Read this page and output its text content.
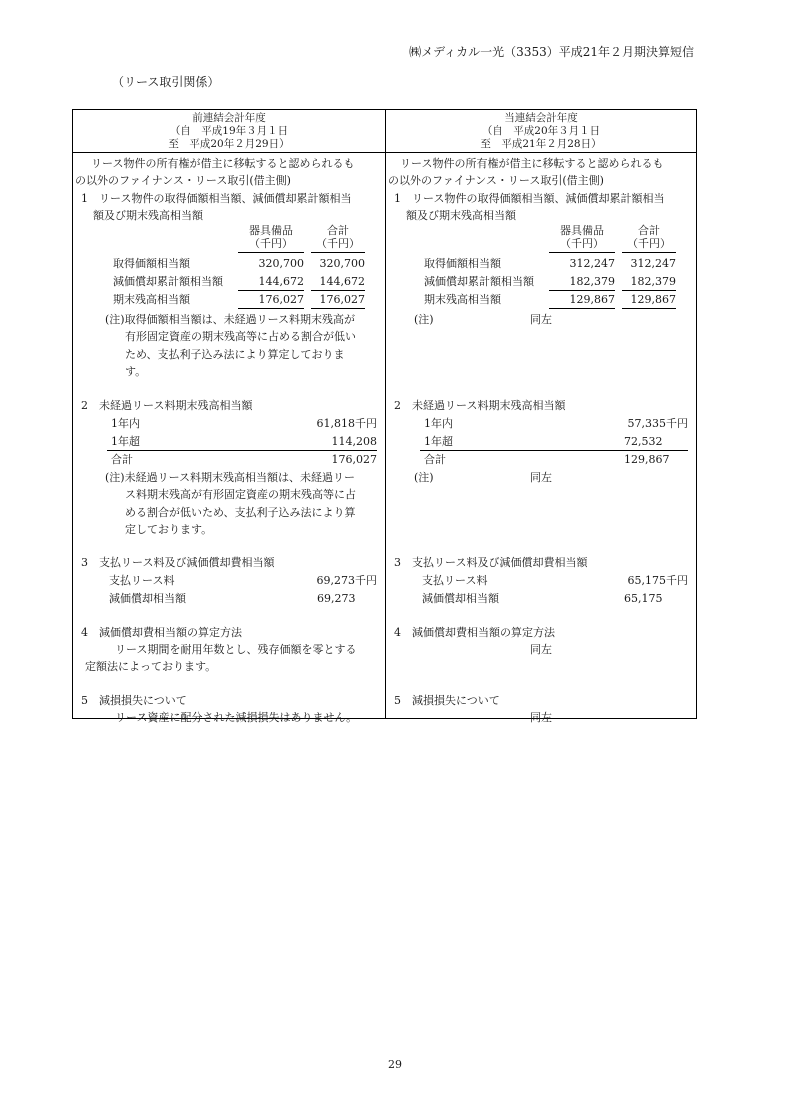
㈱メディカル一光（3353）平成21年２月期決算短信
（リース取引関係）
前連結会計年度
（自　平成19年３月１日
至　平成20年２月29日）
リース物件の所有権が借主に移転すると認められるも
の以外のファイナンス・リース取引(借主側)
1　リース物件の取得価額相当額、減価償却累計額相当
額及び期末残高相当額
器具備品
（千円）
合計
（千円）
取得価額相当額	320,700	320,700
減価償却累計額相当額	144,672	144,672
期末残高相当額	176,027	176,027
(注)取得価額相当額は、未経過リース料期末残高が
有形固定資産の期末残高等に占める割合が低い
ため、支払利子込み法により算定しておりま
す。
2　未経過リース料期末残高相当額
1年内	61,818千円
1年超	114,208
合計	176,027
(注)未経過リース料期末残高相当額は、未経過リー
ス料期末残高が有形固定資産の期末残高等に占
める割合が低いため、支払利子込み法により算
定しております。
3　支払リース料及び減価償却費相当額
支払リース料	69,273千円
減価償却相当額	69,273
4　減価償却費相当額の算定方法
リース期間を耐用年数とし、残存価額を零とする
定額法によっております。
5　減損損失について
リース資産に配分された減損損失はありません。
当連結会計年度
（自　平成20年３月１日
至　平成21年２月28日）
リース物件の所有権が借主に移転すると認められるも
の以外のファイナンス・リース取引(借主側)
1　リース物件の取得価額相当額、減価償却累計額相当
額及び期末残高相当額
器具備品
（千円）
合計
（千円）
取得価額相当額	312,247	312,247
減価償却累計額相当額	182,379	182,379
期末残高相当額	129,867	129,867
(注)	同左
2　未経過リース料期末残高相当額
1年内	57,335千円
1年超	72,532
合計	129,867
(注)	同左
3　支払リース料及び減価償却費相当額
支払リース料	65,175千円
減価償却相当額	65,175
4　減価償却費相当額の算定方法
同左
5　減損損失について
同左
29
